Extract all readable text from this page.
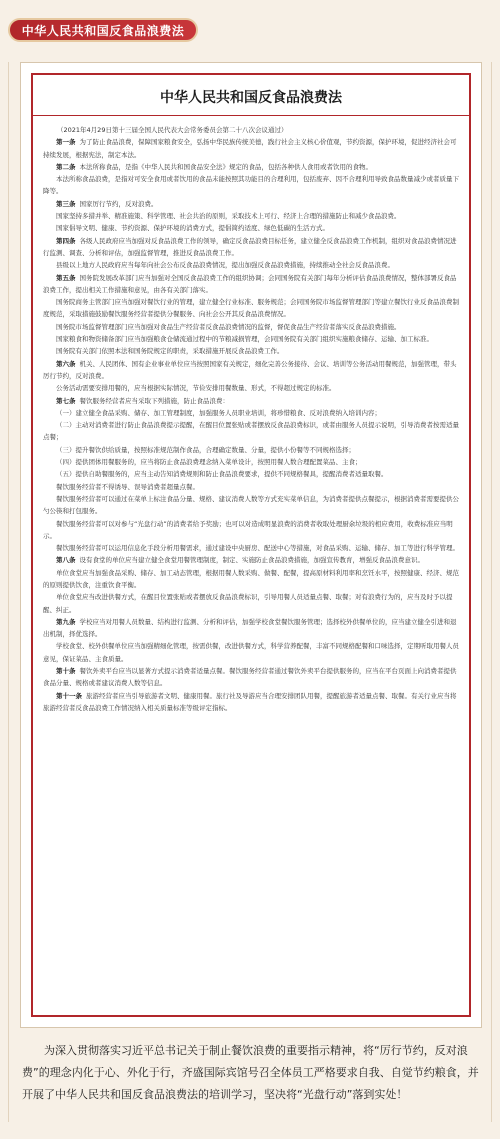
中华人民共和国反食品浪费法
中华人民共和国反食品浪费法

（2021年4月29日第十三届全国人民代表大会常务委员会第二十八次会议通过）

第一条 为了防止食品浪费，保障国家粮食安全，弘扬中华民族传统美德，践行社会主义核心价值观，节约资源，保护环境，促进经济社会可持续发展，根据宪法，制定本法。

第二条 本法所称食品，是指《中华人民共和国食品安全法》规定的食品，包括各种供人食用或者饮用的食物。

本法所称食品浪费，是指对可安全食用或者饮用的食品未能按照其功能目的合理利用，包括废弃、因不合理利用导致食品数量减少或者质量下降等。

第三条 国家厉行节约，反对浪费。

国家坚持多措并举、精准施策、科学管理、社会共治的原则，采取技术上可行、经济上合理的措施防止和减少食品浪费。

国家倡导文明、健康、节约资源、保护环境的消费方式，提倡简约适度、绿色低碳的生活方式。

第四条 各级人民政府应当加强对反食品浪费工作的领导，确定反食品浪费目标任务，建立健全反食品浪费工作机制，组织对食品浪费情况进行监测、调查、分析和评估，加强监督管理，推进反食品浪费工作。

县级以上地方人民政府应当每年向社会公布反食品浪费情况，提出加强反食品浪费措施，持续推动全社会反食品浪费。

第五条 国务院发展改革部门应当加强对全国反食品浪费工作的组织协调；会同国务院有关部门每年分析评估食品浪费情况，整体部署反食品浪费工作，提出相关工作措施和意见，由各有关部门落实。

国务院商务主管部门应当加强对餐饮行业的管理，建立健全行业标准、服务规范；会同国务院市场监督管理部门等建立餐饮行业反食品浪费制度规范，采取措施鼓励餐饮服务经营者提供分餐服务、向社会公开其反食品浪费情况。

国务院市场监督管理部门应当加强对食品生产经营者反食品浪费情况的监督，督促食品生产经营者落实反食品浪费措施。

国家粮食和物资储备部门应当加强粮食仓储流通过程中的节粮减损管理，会同国务院有关部门组织实施粮食储存、运输、加工标准。

国务院有关部门依照本法和国务院规定的职责，采取措施开展反食品浪费工作。

第六条 机关、人民团体、国有企业事业单位应当按照国家有关规定，细化完善公务接待、会议、培训等公务活动用餐规范，加强管理，带头厉行节约，反对浪费。

公务活动需要安排用餐的，应当根据实际情况，节俭安排用餐数量、形式，不得超过规定的标准。

第七条 餐饮服务经营者应当采取下列措施，防止食品浪费：

（一）建立健全食品采购、储存、加工管理制度，加强服务人员职业培训，将珍惜粮食、反对浪费纳入培训内容；

（二）主动对消费者进行防止食品浪费提示提醒，在醒目位置张贴或者摆放反食品浪费标识，或者由服务人员提示说明，引导消费者按需适量点餐；

（三）提升餐饮供给质量，按照标准规范制作食品，合理确定数量、分量，提供小份餐等不同规格选择；

（四）提供团体用餐服务的，应当将防止食品浪费理念纳入菜单设计，按照用餐人数合理配置菜品、主食；

（五）提供自助餐服务的，应当主动告知消费规则和防止食品浪费要求，提供不同规格餐具，提醒消费者适量取餐。

餐饮服务经营者不得诱导、误导消费者超量点餐。

餐饮服务经营者可以通过在菜单上标注食品分量、规格、建议消费人数等方式充实菜单信息，为消费者提供点餐提示，根据消费者需要提供公勺公筷和打包服务。

餐饮服务经营者可以对参与“光盘行动”的消费者给予奖励；也可以对造成明显浪费的消费者收取处理厨余垃圾的相应费用，收费标准应当明示。

餐饮服务经营者可以运用信息化手段分析用餐需求，通过建设中央厨房、配送中心等措施，对食品采购、运输、储存、加工等进行科学管理。

第八条 设有食堂的单位应当建立健全食堂用餐管理制度，制定、实施防止食品浪费措施，加强宣传教育，增强反食品浪费意识。

单位食堂应当加强食品采购、储存、加工动态管理，根据用餐人数采购、做餐、配餐，提高原材料利用率和烹饪水平，按照健康、经济、规范的原则提供饮食，注重饮食平衡。

单位食堂应当改进供餐方式，在醒目位置张贴或者摆放反食品浪费标识，引导用餐人员适量点餐、取餐；对有浪费行为的，应当及时予以提醒、纠正。

第九条 学校应当对用餐人员数量、结构进行监测、分析和评估，加强学校食堂餐饮服务管理；选择校外供餐单位的，应当建立健全引进和退出机制，择优选择。

学校食堂、校外供餐单位应当加强精细化管理，按需供餐，改进供餐方式，科学营养配餐，丰富不同规格配餐和口味选择，定期听取用餐人员意见，保证菜品、主食质量。

第十条 餐饮外卖平台应当以显著方式提示消费者适量点餐。餐饮服务经营者通过餐饮外卖平台提供服务的，应当在平台页面上向消费者提供食品分量、规格或者建议消费人数等信息。

第十一条 旅游经营者应当引导旅游者文明、健康用餐。旅行社及导游应当合理安排团队用餐，提醒旅游者适量点餐、取餐。有关行业应当将旅游经营者反食品浪费工作情况纳入相关质量标准等级评定指标。

为深入贯彻落实习近平总书记关于制止餐饮浪费的重要指示精神，将“厉行节约，反对浪费”的理念内化于心、外化于行，齐盛国际宾馆号召全体员工严格要求自我、自觉节约粮食，并开展了中华人民共和国反食品浪费法的培训学习，坚决将“光盘行动”落到实处！
